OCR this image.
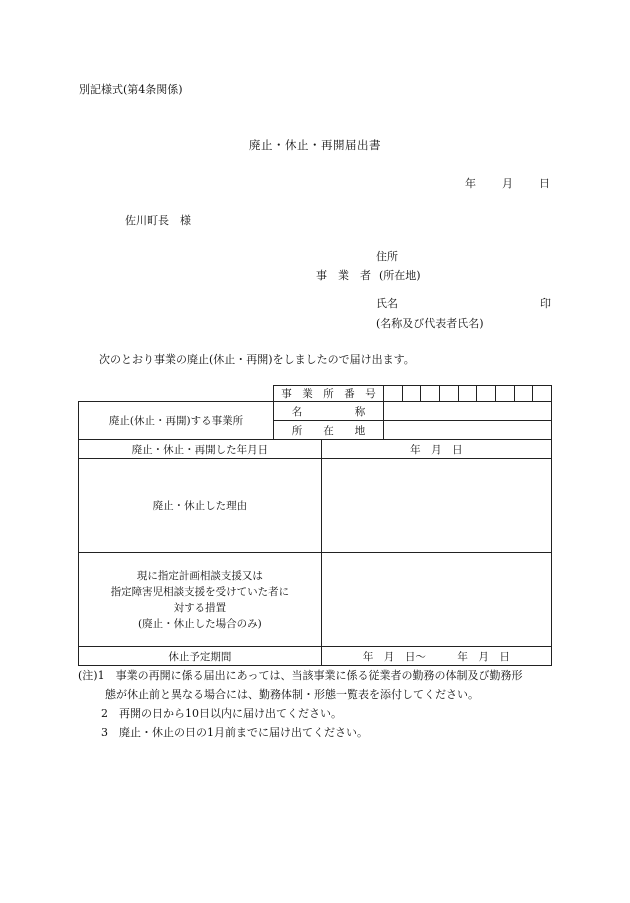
別記様式(第4条関係)
廃止・休止・再開届出書
年 月 日
佐川町長　様
住所
事　業　者 (所在地)
氏名	印
(名称及び代表者氏名)
次のとおり事業の廃止(休止・再開)をしましたので届け出ます。
	事　業　所　番　号										
廃止(休止・再開)する事業所	名　　　　　称										
	所　　在　　地										
廃止・休止・再開した年月日		年　月　日									
廃止・休止した理由											

現に指定計画相談支援又は
指定障害児相談支援を受けていた者に
対する措置
(廃止・休止した場合のみ)											

休止予定期間		年　月　日〜　　　年　月　日									
(注)1　 事業の再開に係る届出にあっては、当該事業に係る従業者の勤務の体制及び勤務形
態が休止前と異なる場合には、勤務体制・形態一覧表を添付してください。
2　 再開の日から10日以内に届け出てください。
3　 廃止・休止の日の1月前までに届け出てください。
